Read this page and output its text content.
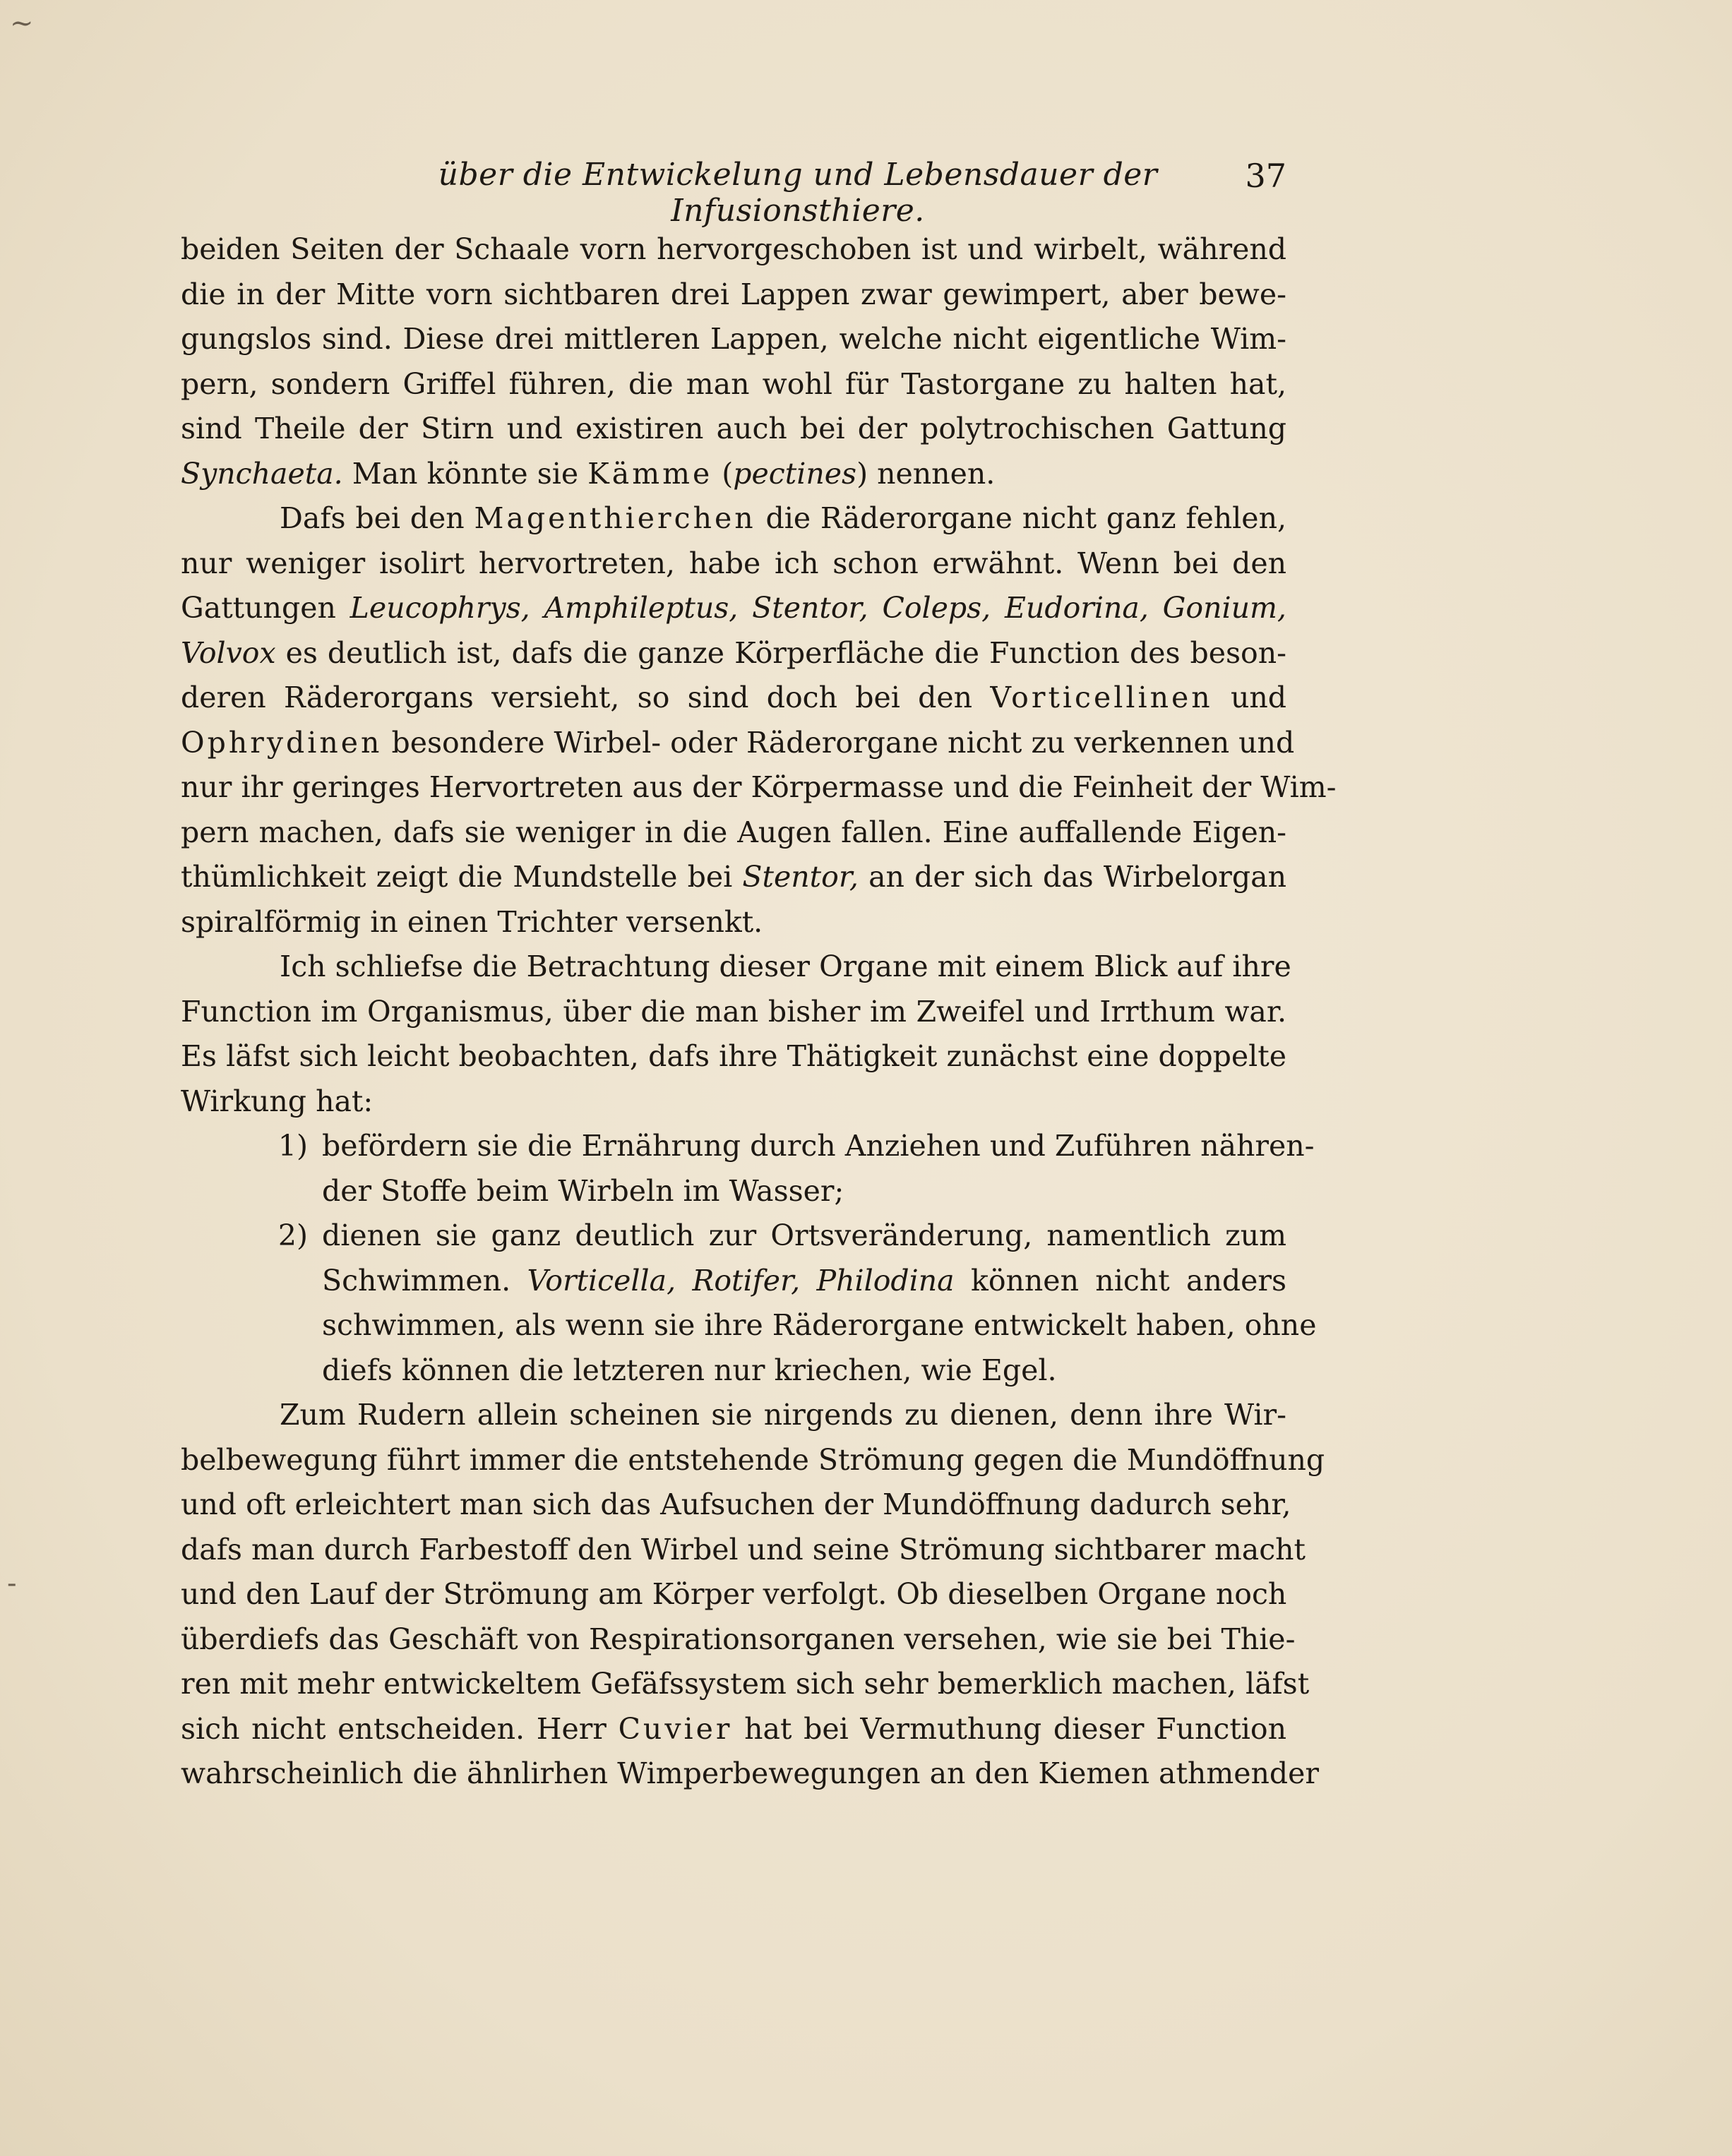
über die Entwickelung und Lebensdauer der Infusionsthiere.
37
~
-
beiden Seiten der Schaale vorn hervorgeschoben ist und wirbelt, während
die in der Mitte vorn sichtbaren drei Lappen zwar gewimpert, aber bewe-
gungslos sind. Diese drei mittleren Lappen, welche nicht eigentliche Wim-
pern, sondern Griffel führen, die man wohl für Tastorgane zu halten hat,
sind Theile der Stirn und existiren auch bei der polytrochischen Gattung
Synchaeta. Man könnte sie Kämme (pectines) nennen.
Dafs bei den Magenthierchen die Räderorgane nicht ganz fehlen,
nur weniger isolirt hervortreten, habe ich schon erwähnt. Wenn bei den
Gattungen Leucophrys, Amphileptus, Stentor, Coleps, Eudorina, Gonium,
Volvox es deutlich ist, dafs die ganze Körperfläche die Function des beson-
deren Räderorgans versieht, so sind doch bei den Vorticellinen und
Ophrydinen besondere Wirbel- oder Räderorgane nicht zu verkennen und
nur ihr geringes Hervortreten aus der Körpermasse und die Feinheit der Wim-
pern machen, dafs sie weniger in die Augen fallen. Eine auffallende Eigen-
thümlichkeit zeigt die Mundstelle bei Stentor, an der sich das Wirbelorgan
spiralförmig in einen Trichter versenkt.
Ich schliefse die Betrachtung dieser Organe mit einem Blick auf ihre
Function im Organismus, über die man bisher im Zweifel und Irrthum war.
Es läfst sich leicht beobachten, dafs ihre Thätigkeit zunächst eine doppelte
Wirkung hat:
1) befördern sie die Ernährung durch Anziehen und Zuführen nähren-
der Stoffe beim Wirbeln im Wasser;
2) dienen sie ganz deutlich zur Ortsveränderung, namentlich zum
Schwimmen. Vorticella, Rotifer, Philodina können nicht anders
schwimmen, als wenn sie ihre Räderorgane entwickelt haben, ohne
diefs können die letzteren nur kriechen, wie Egel.
Zum Rudern allein scheinen sie nirgends zu dienen, denn ihre Wir-
belbewegung führt immer die entstehende Strömung gegen die Mundöffnung
und oft erleichtert man sich das Aufsuchen der Mundöffnung dadurch sehr,
dafs man durch Farbestoff den Wirbel und seine Strömung sichtbarer macht
und den Lauf der Strömung am Körper verfolgt. Ob dieselben Organe noch
überdiefs das Geschäft von Respirationsorganen versehen, wie sie bei Thie-
ren mit mehr entwickeltem Gefäfssystem sich sehr bemerklich machen, läfst
sich nicht entscheiden. Herr Cuvier hat bei Vermuthung dieser Function
wahrscheinlich die ähnlirhen Wimperbewegungen an den Kiemen athmender
